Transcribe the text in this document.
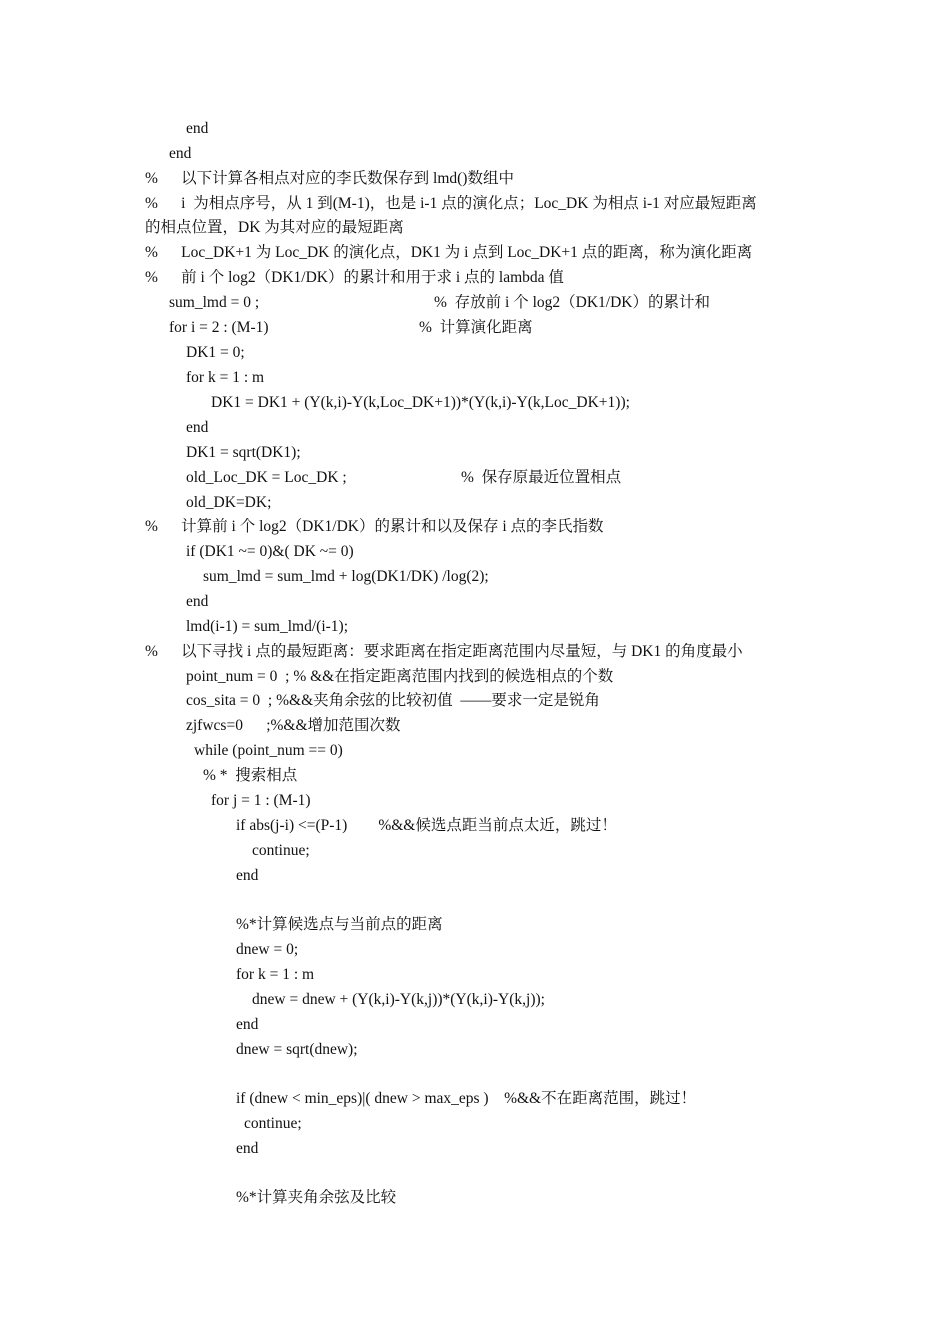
end
end
%      以下计算各相点对应的李氏数保存到 lmd()数组中
%      i  为相点序号，从 1 到(M-1)，也是 i-1 点的演化点；Loc_DK 为相点 i-1 对应最短距离
的相点位置，DK 为其对应的最短距离
%      Loc_DK+1 为 Loc_DK 的演化点，DK1 为 i 点到 Loc_DK+1 点的距离，称为演化距离
%      前 i 个 log2（DK1/DK）的累计和用于求 i 点的 lambda 值
sum_lmd = 0 ;	%  存放前 i 个 log2（DK1/DK）的累计和
for i = 2 : (M-1)	%  计算演化距离
DK1 = 0;
for k = 1 : m
DK1 = DK1 + (Y(k,i)-Y(k,Loc_DK+1))*(Y(k,i)-Y(k,Loc_DK+1));
end
DK1 = sqrt(DK1);
old_Loc_DK = Loc_DK ;	%  保存原最近位置相点
old_DK=DK;
%      计算前 i 个 log2（DK1/DK）的累计和以及保存 i 点的李氏指数
if (DK1 ~= 0)&( DK ~= 0)
sum_lmd = sum_lmd + log(DK1/DK) /log(2);
end
lmd(i-1) = sum_lmd/(i-1);
%      以下寻找 i 点的最短距离：要求距离在指定距离范围内尽量短，与 DK1 的角度最小
point_num = 0  ; % &&在指定距离范围内找到的候选相点的个数
cos_sita = 0  ; %&&夹角余弦的比较初值  ——要求一定是锐角
zjfwcs=0      ;%&&增加范围次数
while (point_num == 0)
% *  搜索相点
for j = 1 : (M-1)
if abs(j-i) <=(P-1)        %&&候选点距当前点太近，跳过！
continue;
end
%*计算候选点与当前点的距离
dnew = 0;
for k = 1 : m
dnew = dnew + (Y(k,i)-Y(k,j))*(Y(k,i)-Y(k,j));
end
dnew = sqrt(dnew);
if (dnew < min_eps)|( dnew > max_eps )    %&&不在距离范围，跳过！
continue;
end
%*计算夹角余弦及比较
